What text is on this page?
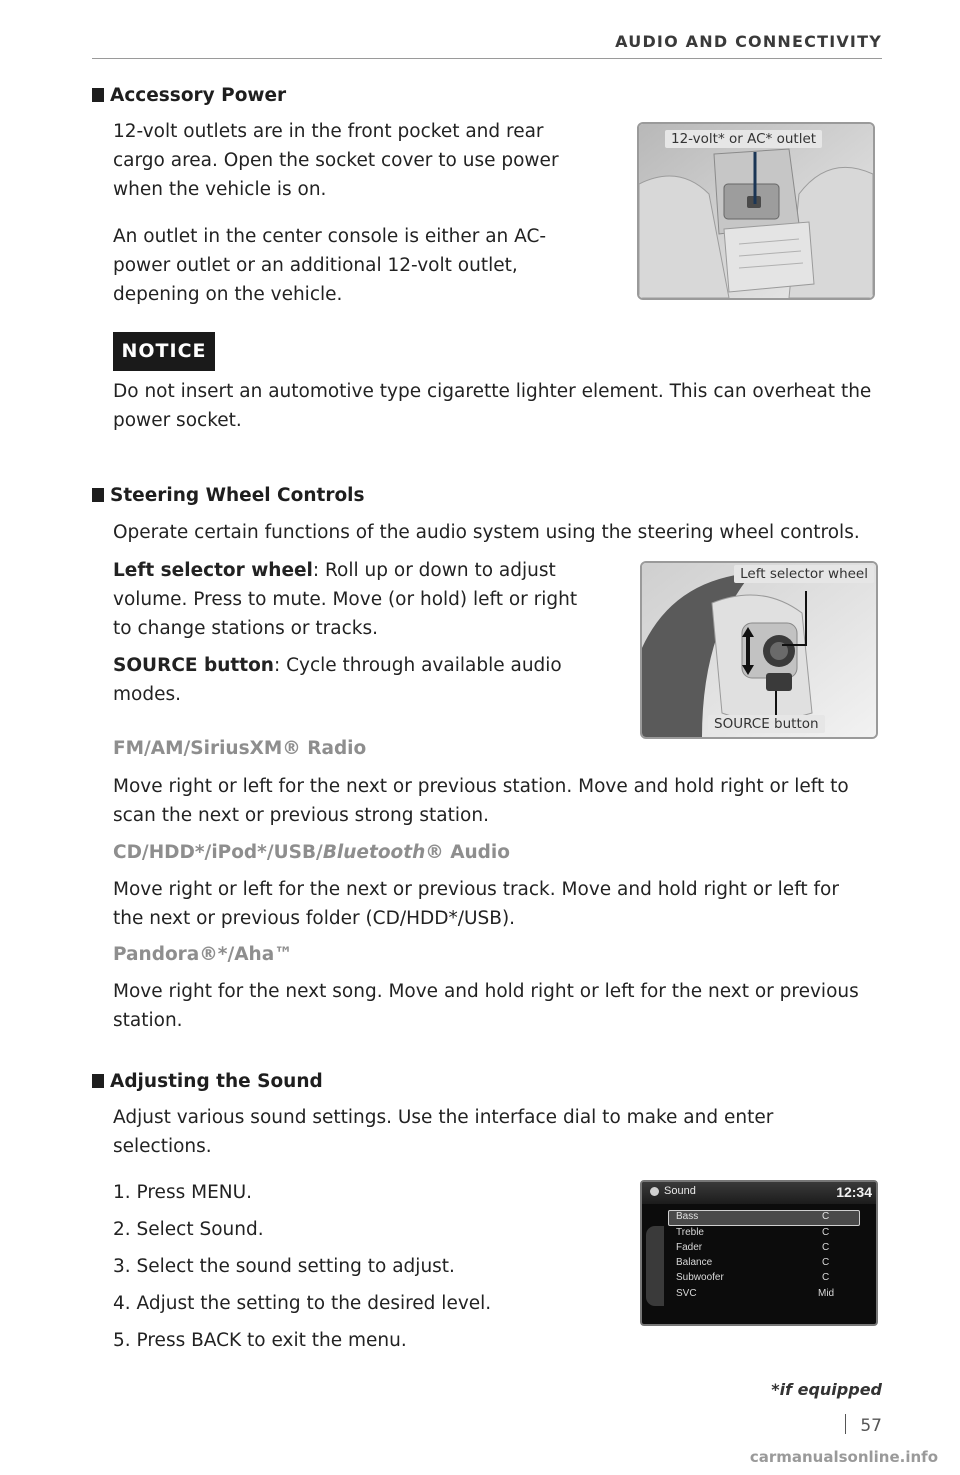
AUDIO AND CONNECTIVITY
Accessory Power
12-volt outlets are in the front pocket and rear
cargo area. Open the socket cover to use power
when the vehicle is on.
An outlet in the center console is either an AC-
power outlet or an additional 12-volt outlet,
depening on the vehicle.
12-volt* or AC* outlet
NOTICE
Do not insert an automotive type cigarette lighter element. This can overheat the
power socket.
Steering Wheel Controls
Operate certain functions of the audio system using the steering wheel controls.
Left selector wheel: Roll up or down to adjust
volume. Press to mute. Move (or hold) left or right
to change stations or tracks.
SOURCE button: Cycle through available audio
modes.
Left selector wheel
SOURCE button
FM/AM/SiriusXM® Radio
Move right or left for the next or previous station. Move and hold right or left to
scan the next or previous strong station.
CD/HDD*/iPod*/USB/Bluetooth® Audio
Move right or left for the next or previous track. Move and hold right or left for
the next or previous folder (CD/HDD*/USB).
Pandora®*/Aha™
Move right for the next song. Move and hold right or left for the next or previous
station.
Adjusting the Sound
Adjust various sound settings. Use the interface dial to make and enter
selections.
1. Press MENU.
2. Select Sound.
3. Select the sound setting to adjust.
4. Adjust the setting to the desired level.
5. Press BACK to exit the menu.
Sound	12:34
Bass	C
Treble	C
Fader	C
Balance	C
Subwoofer	C
SVC	Mid
*if equipped
57
carmanualsonline.info
